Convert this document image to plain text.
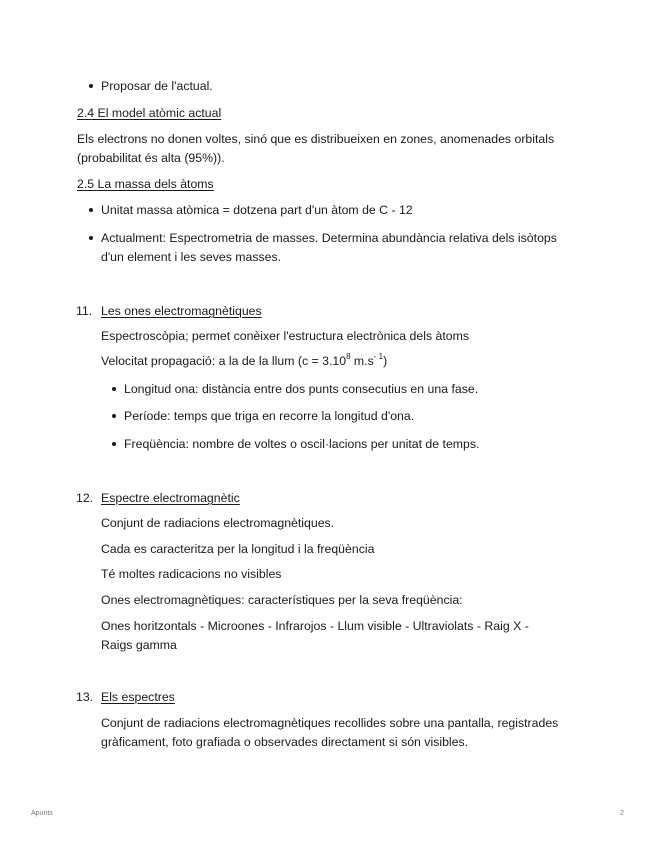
Proposar de l'actual.
2.4 El model atòmic actual
Els electrons no donen voltes, sinó que es distribueixen en zones, anomenades orbitals
(probabilitat és alta (95%)).
2.5 La massa dels àtoms
Unitat massa atòmica = dotzena part d'un àtom de C - 12
Actualment: Espectrometria de masses. Determina abundància relativa dels isòtops
d'un element i les seves masses.
11. Les ones electromagnètiques
Espectroscòpia; permet conèixer l'estructura electrònica dels àtoms
Velocitat propagació: a la de la llum ($c = 3.10^8$ $m.s^{- 1}$)
Longitud ona: distància entre dos punts consecutius en una fase.
Període: temps que triga en recorre la longitud d'ona.
Freqüència: nombre de voltes o oscil·lacions per unitat de temps.
12. Espectre electromagnètic
Conjunt de radiacions electromagnètiques.
Cada es caracteritza per la longitud i la freqüència
Té moltes radicacions no visibles
Ones electromagnètiques: característiques per la seva freqüència:
Ones horitzontals - Microones - Infrarojos - Llum visible - Ultraviolats - Raig X -
Raigs gamma
13. Els espectres
Conjunt de radiacions electromagnètiques recollides sobre una pantalla, registrades
gràficament, foto grafiada o observades directament si són visibles.
Apunts	2
